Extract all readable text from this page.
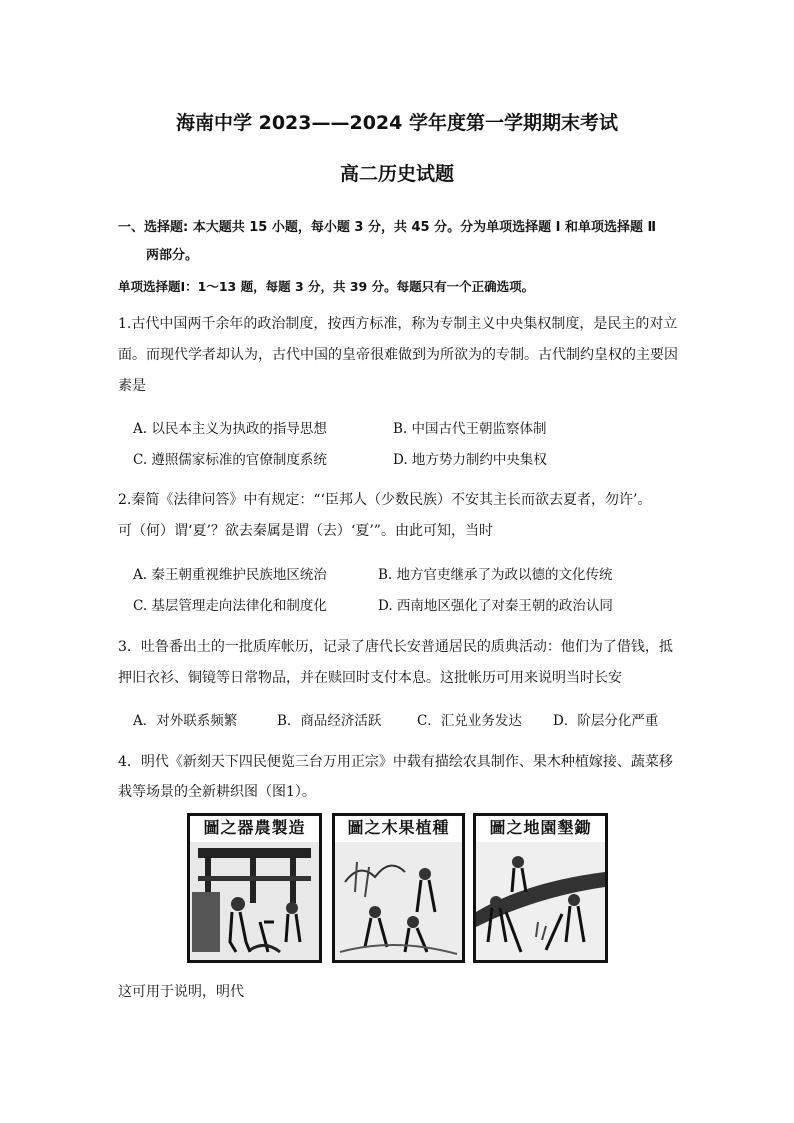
海南中学 2023——2024 学年度第一学期期末考试
高二历史试题
一、选择题: 本大题共 15 小题，每小题 3 分，共 45 分。分为单项选择题 Ⅰ 和单项选择题 Ⅱ
两部分。
单项选择题Ⅰ：1～13 题，每题 3 分，共 39 分。每题只有一个正确选项。
1.古代中国两千余年的政治制度，按西方标准，称为专制主义中央集权制度，是民主的对立
面。而现代学者却认为，古代中国的皇帝很难做到为所欲为的专制。古代制约皇权的主要因
素是
A. 以民本主义为执政的指导思想	B. 中国古代王朝监察体制
C. 遵照儒家标准的官僚制度系统	D. 地方势力制约中央集权
2.秦简《法律问答》中有规定：“‘臣邦人（少数民族）不安其主长而欲去夏者，勿许’。
可（何）谓‘夏’？欲去秦属是谓（去）‘夏’”。由此可知，当时
A. 秦王朝重视维护民族地区统治	B. 地方官吏继承了为政以德的文化传统
C. 基层管理走向法律化和制度化	D. 西南地区强化了对秦王朝的政治认同
3．吐鲁番出土的一批质库帐历，记录了唐代长安普通居民的质典活动：他们为了借钱，抵
押旧衣衫、铜镜等日常物品，并在赎回时支付本息。这批帐历可用来说明当时长安
A．对外联系频繁	B．商品经济活跃	C．汇兑业务发达 D．阶层分化严重
4．明代《新刻天下四民便览三台万用正宗》中载有描绘农具制作、果木种植嫁接、蔬菜移
栽等场景的全新耕织图（图1）。
圖之器農製造	圖之木果植種	圖之地園墾鋤
这可用于说明，明代
